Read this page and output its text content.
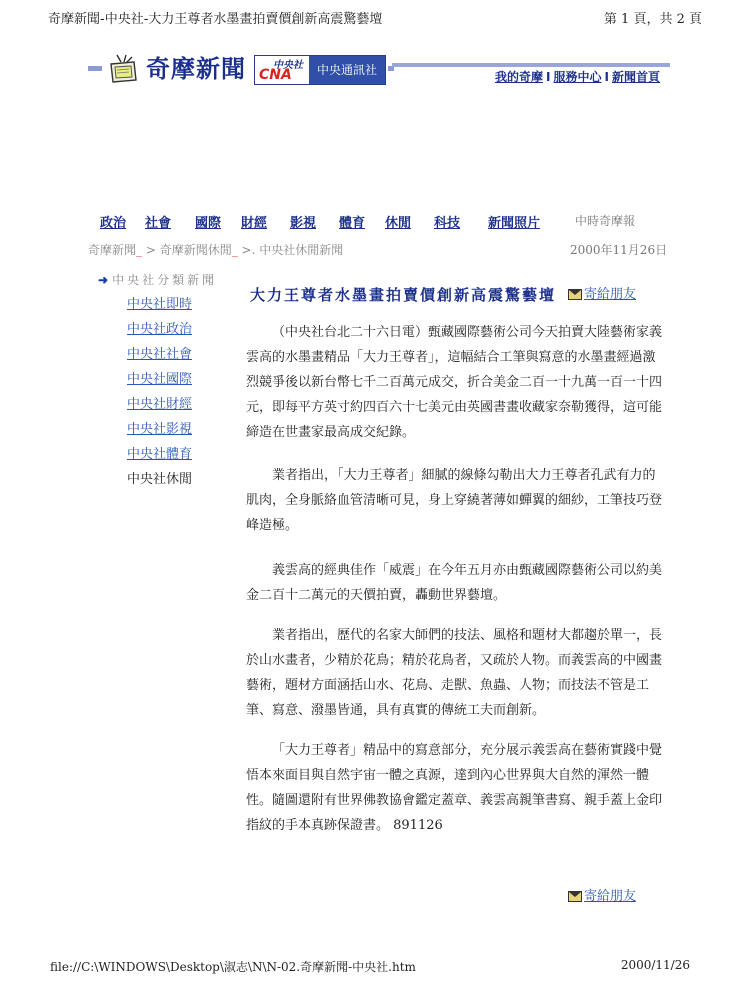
奇摩新聞-中央社-大力王尊者水墨畫拍賣價創新高震驚藝壇	第 1 頁，共 2 頁
奇摩新聞	中央社
CNA	中央通訊社	我的奇摩 I 服務中心 I 新聞首頁
政治 社會 國際 財經 影視 體育 休閒 科技 新聞照片	中時奇摩報
奇摩新聞_ > 奇摩新聞休閒_ >. 中央社休閒新聞	2000年11月26日
➜ 中央社分類新聞
中央社即時
中央社政治
中央社社會
中央社國際
中央社財經
中央社影視
中央社體育
中央社休閒
大力王尊者水墨畫拍賣價創新高震驚藝壇	寄給朋友
（中央社台北二十六日電）甄藏國際藝術公司今天拍賣大陸藝術家義雲高的水墨畫精品「大力王尊者」，這幅結合工筆與寫意的水墨畫經過激烈競爭後以新台幣七千二百萬元成交，折合美金二百一十九萬一百一十四元，即每平方英寸約四百六十七美元由英國書畫收藏家奈勒獲得，這可能締造在世畫家最高成交紀錄。
業者指出，「大力王尊者」細膩的線條勾勒出大力王尊者孔武有力的肌肉，全身脈絡血管清晰可見，身上穿繞著薄如蟬翼的細紗，工筆技巧登峰造極。
義雲高的經典佳作「威震」在今年五月亦由甄藏國際藝術公司以約美金二百十二萬元的天價拍賣，轟動世界藝壇。
業者指出，歷代的名家大師們的技法、風格和題材大都趨於單一，長於山水畫者，少精於花鳥；精於花鳥者，又疏於人物。而義雲高的中國畫藝術，題材方面涵括山水、花鳥、走獸、魚蟲、人物；而技法不管是工筆、寫意、潑墨皆通，具有真實的傳統工夫而創新。
「大力王尊者」精品中的寫意部分，充分展示義雲高在藝術實踐中覺悟本來面目與自然宇宙一體之真源，達到內心世界與大自然的渾然一體性。隨圖還附有世界佛教協會鑑定蓋章、義雲高親筆書寫、親手蓋上金印指紋的手本真跡保證書。 891126
寄給朋友
file://C:\WINDOWS\Desktop\淑志\N\N-02.奇摩新聞-中央社.htm	2000/11/26
